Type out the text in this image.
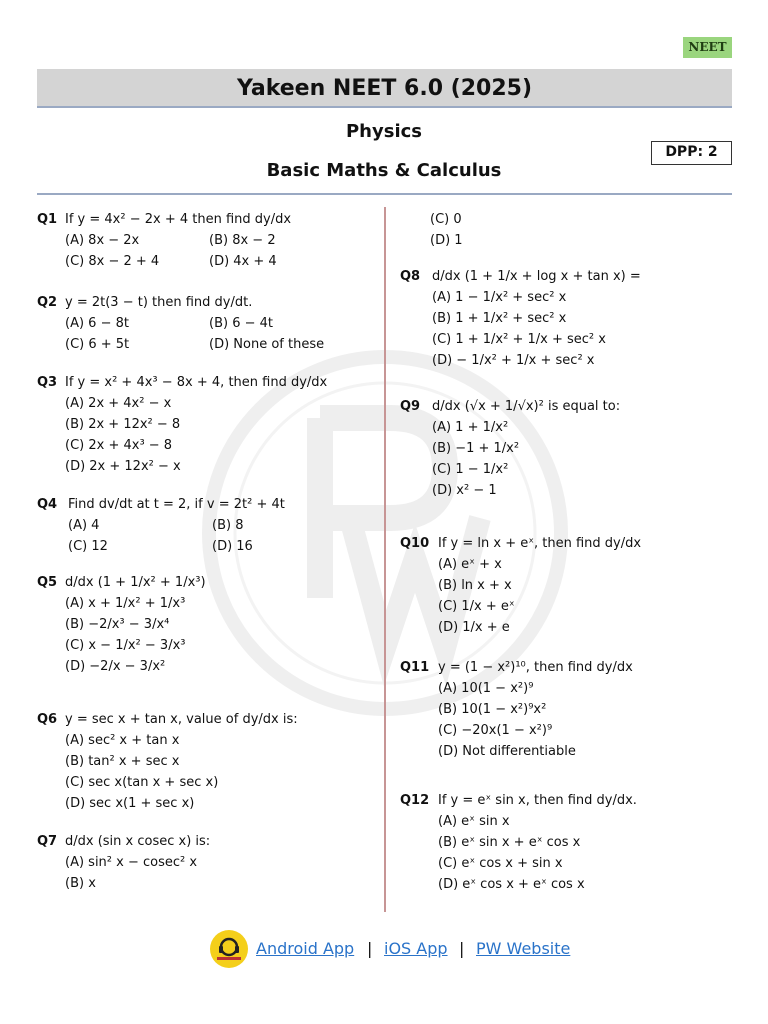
NEET
Yakeen NEET 6.0 (2025)
Physics
Basic Maths & Calculus
DPP: 2
Q1 If y = 4x² − 2x + 4 then find dy/dx
(A) 8x − 2x	(B) 8x − 2
(C) 8x − 2 + 4	(D) 4x + 4
Q2 y = 2t(3 − t) then find dy/dt.
(A) 6 − 8t	(B) 6 − 4t
(C) 6 + 5t	(D) None of these
Q3 If y = x² + 4x³ − 8x + 4, then find dy/dx
(A) 2x + 4x² − x
(B) 2x + 12x² − 8
(C) 2x + 4x³ − 8
(D) 2x + 12x² − x
Q4 Find dv/dt at t = 2, if v = 2t² + 4t
(A) 4	(B) 8
(C) 12	(D) 16
Q5 d/dx (1 + 1/x² + 1/x³)
(A) x + 1/x² + 1/x³
(B) −2/x³ − 3/x⁴
(C) x − 1/x² − 3/x³
(D) −2/x − 3/x²
Q6 y = sec x + tan x, value of dy/dx is:
(A) sec² x + tan x
(B) tan² x + sec x
(C) sec x(tan x + sec x)
(D) sec x(1 + sec x)
Q7 d/dx (sin x cosec x) is:
(A) sin² x − cosec² x
(B) x
(C) 0
(D) 1
Q8 d/dx (1 + 1/x + log x + tan x) =
(A) 1 − 1/x² + sec² x
(B) 1 + 1/x² + sec² x
(C) 1 + 1/x² + 1/x + sec² x
(D) − 1/x² + 1/x + sec² x
Q9 d/dx (√x + 1/√x)² is equal to:
(A) 1 + 1/x²
(B) −1 + 1/x²
(C) 1 − 1/x²
(D) x² − 1
Q10 If y = ln x + eˣ, then find dy/dx
(A) eˣ + x
(B) ln x + x
(C) 1/x + eˣ
(D) 1/x + e
Q11 y = (1 − x²)¹⁰, then find dy/dx
(A) 10(1 − x²)⁹
(B) 10(1 − x²)⁹x²
(C) −20x(1 − x²)⁹
(D) Not differentiable
Q12 If y = eˣ sin x, then find dy/dx.
(A) eˣ sin x
(B) eˣ sin x + eˣ cos x
(C) eˣ cos x + sin x
(D) eˣ cos x + eˣ cos x
Android App | iOS App | PW Website
